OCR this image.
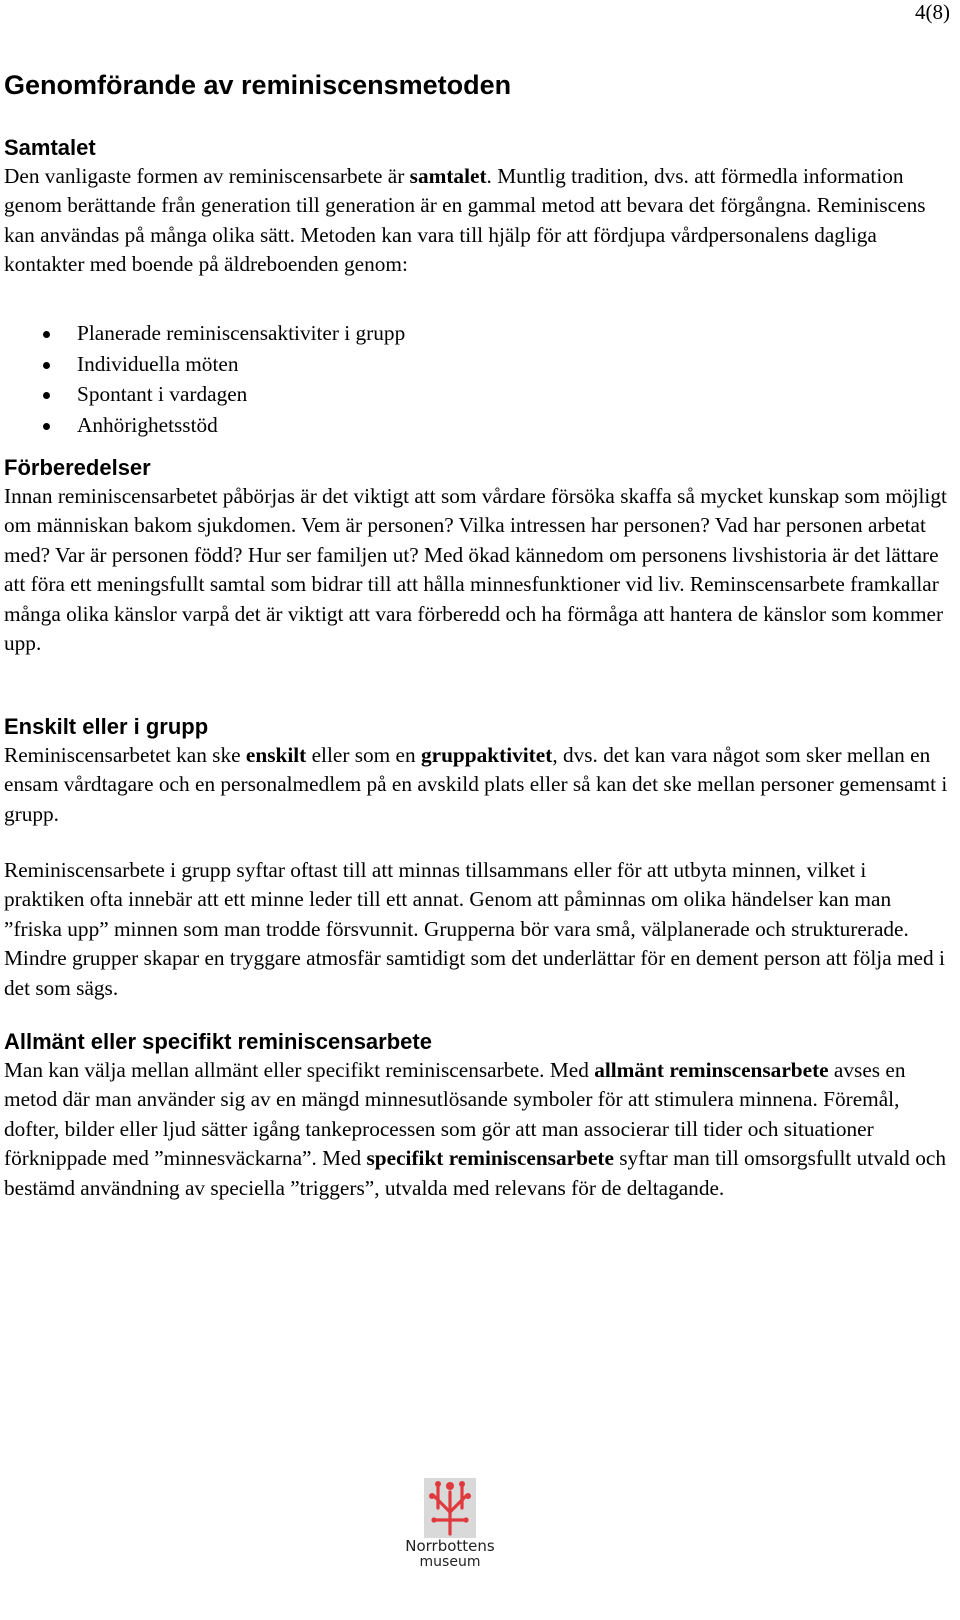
4(8)
Genomförande av reminiscensmetoden
Samtalet

Den vanligaste formen av reminiscensarbete är samtalet. Muntlig tradition, dvs. att förmedla information genom berättande från generation till generation är en gammal metod att bevara det förgångna. Reminiscens kan användas på många olika sätt. Metoden kan vara till hjälp för att fördjupa vårdpersonalens dagliga kontakter med boende på äldreboenden genom:

Planerade reminiscensaktiviter i grupp
Individuella möten
Spontant i vardagen
Anhörighetsstöd
Förberedelser

Innan reminiscensarbetet påbörjas är det viktigt att som vårdare försöka skaffa så mycket kunskap som möjligt om människan bakom sjukdomen. Vem är personen? Vilka intressen har personen? Vad har personen arbetat med? Var är personen född? Hur ser familjen ut? Med ökad kännedom om personens livshistoria är det lättare att föra ett meningsfullt samtal som bidrar till att hålla minnesfunktioner vid liv. Reminscensarbete framkallar många olika känslor varpå det är viktigt att vara förberedd och ha förmåga att hantera de känslor som kommer upp.

Enskilt eller i grupp

Reminiscensarbetet kan ske enskilt eller som en gruppaktivitet, dvs. det kan vara något som sker mellan en ensam vårdtagare och en personalmedlem på en avskild plats eller så kan det ske mellan personer gemensamt i grupp.

Reminiscensarbete i grupp syftar oftast till att minnas tillsammans eller för att utbyta minnen, vilket i praktiken ofta innebär att ett minne leder till ett annat. Genom att påminnas om olika händelser kan man ”friska upp” minnen som man trodde försvunnit. Grupperna bör vara små, välplanerade och strukturerade. Mindre grupper skapar en tryggare atmosfär samtidigt som det underlättar för en dement person att följa med i det som sägs.

Allmänt eller specifikt reminiscensarbete

Man kan välja mellan allmänt eller specifikt reminiscensarbete. Med allmänt reminscensarbete avses en metod där man använder sig av en mängd minnesutlösande symboler för att stimulera minnena. Föremål, dofter, bilder eller ljud sätter igång tankeprocessen som gör att man associerar till tider och situationer förknippade med ”minnesväckarna”. Med specifikt reminiscensarbete syftar man till omsorgsfullt utvald och bestämd användning av speciella ”triggers”, utvalda med relevans för de deltagande.

Norrbottens
museum
